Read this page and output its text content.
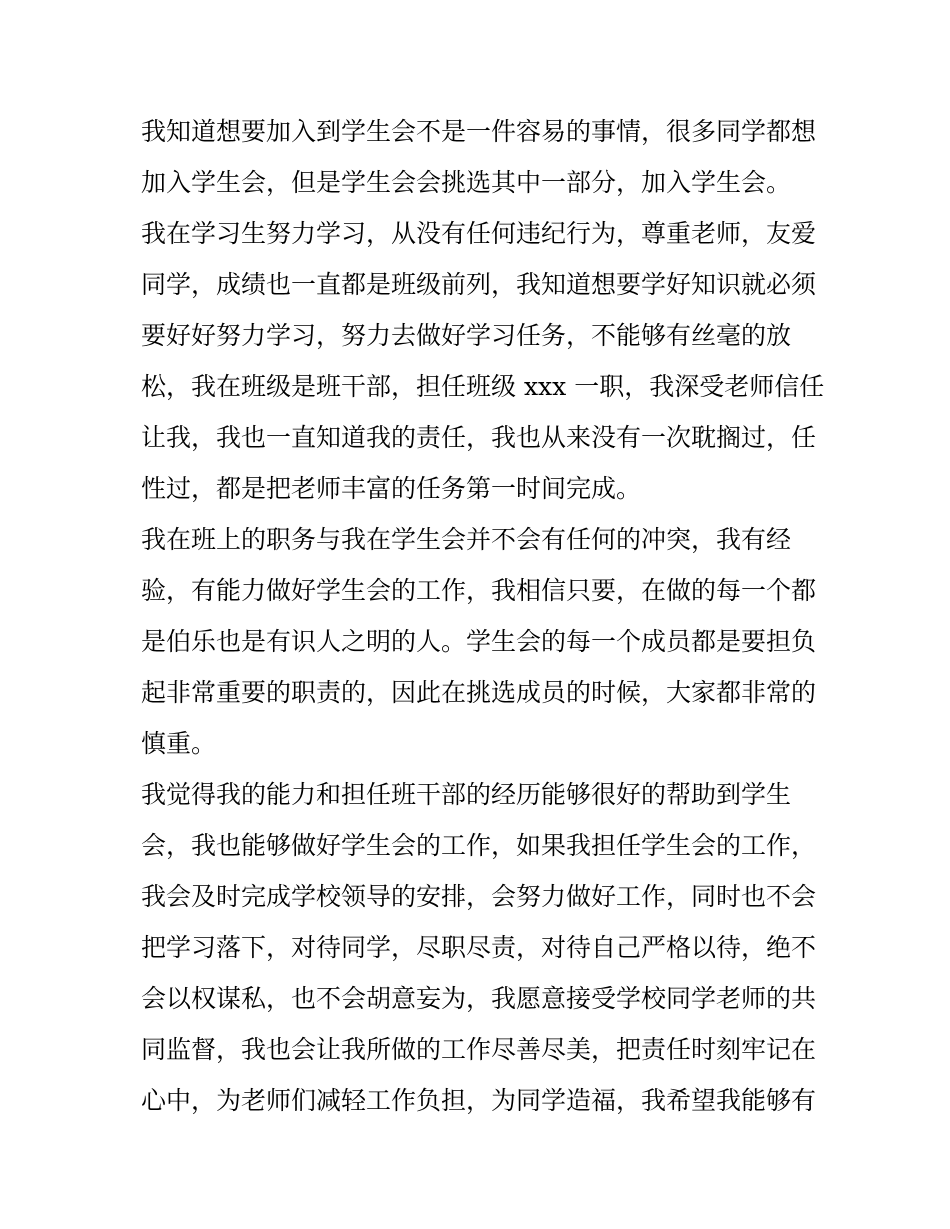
我知道想要加入到学生会不是一件容易的事情，很多同学都想
加入学生会，但是学生会会挑选其中一部分，加入学生会。
我在学习生努力学习，从没有任何违纪行为，尊重老师，友爱
同学，成绩也一直都是班级前列，我知道想要学好知识就必须
要好好努力学习，努力去做好学习任务，不能够有丝毫的放
松，我在班级是班干部，担任班级 xxx 一职，我深受老师信任
让我，我也一直知道我的责任，我也从来没有一次耽搁过，任
性过，都是把老师丰富的任务第一时间完成。
我在班上的职务与我在学生会并不会有任何的冲突，我有经
验，有能力做好学生会的工作，我相信只要，在做的每一个都
是伯乐也是有识人之明的人。学生会的每一个成员都是要担负
起非常重要的职责的，因此在挑选成员的时候，大家都非常的
慎重。
我觉得我的能力和担任班干部的经历能够很好的帮助到学生
会，我也能够做好学生会的工作，如果我担任学生会的工作，
我会及时完成学校领导的安排，会努力做好工作，同时也不会
把学习落下，对待同学，尽职尽责，对待自己严格以待，绝不
会以权谋私，也不会胡意妄为，我愿意接受学校同学老师的共
同监督，我也会让我所做的工作尽善尽美，把责任时刻牢记在
心中，为老师们减轻工作负担，为同学造福，我希望我能够有
